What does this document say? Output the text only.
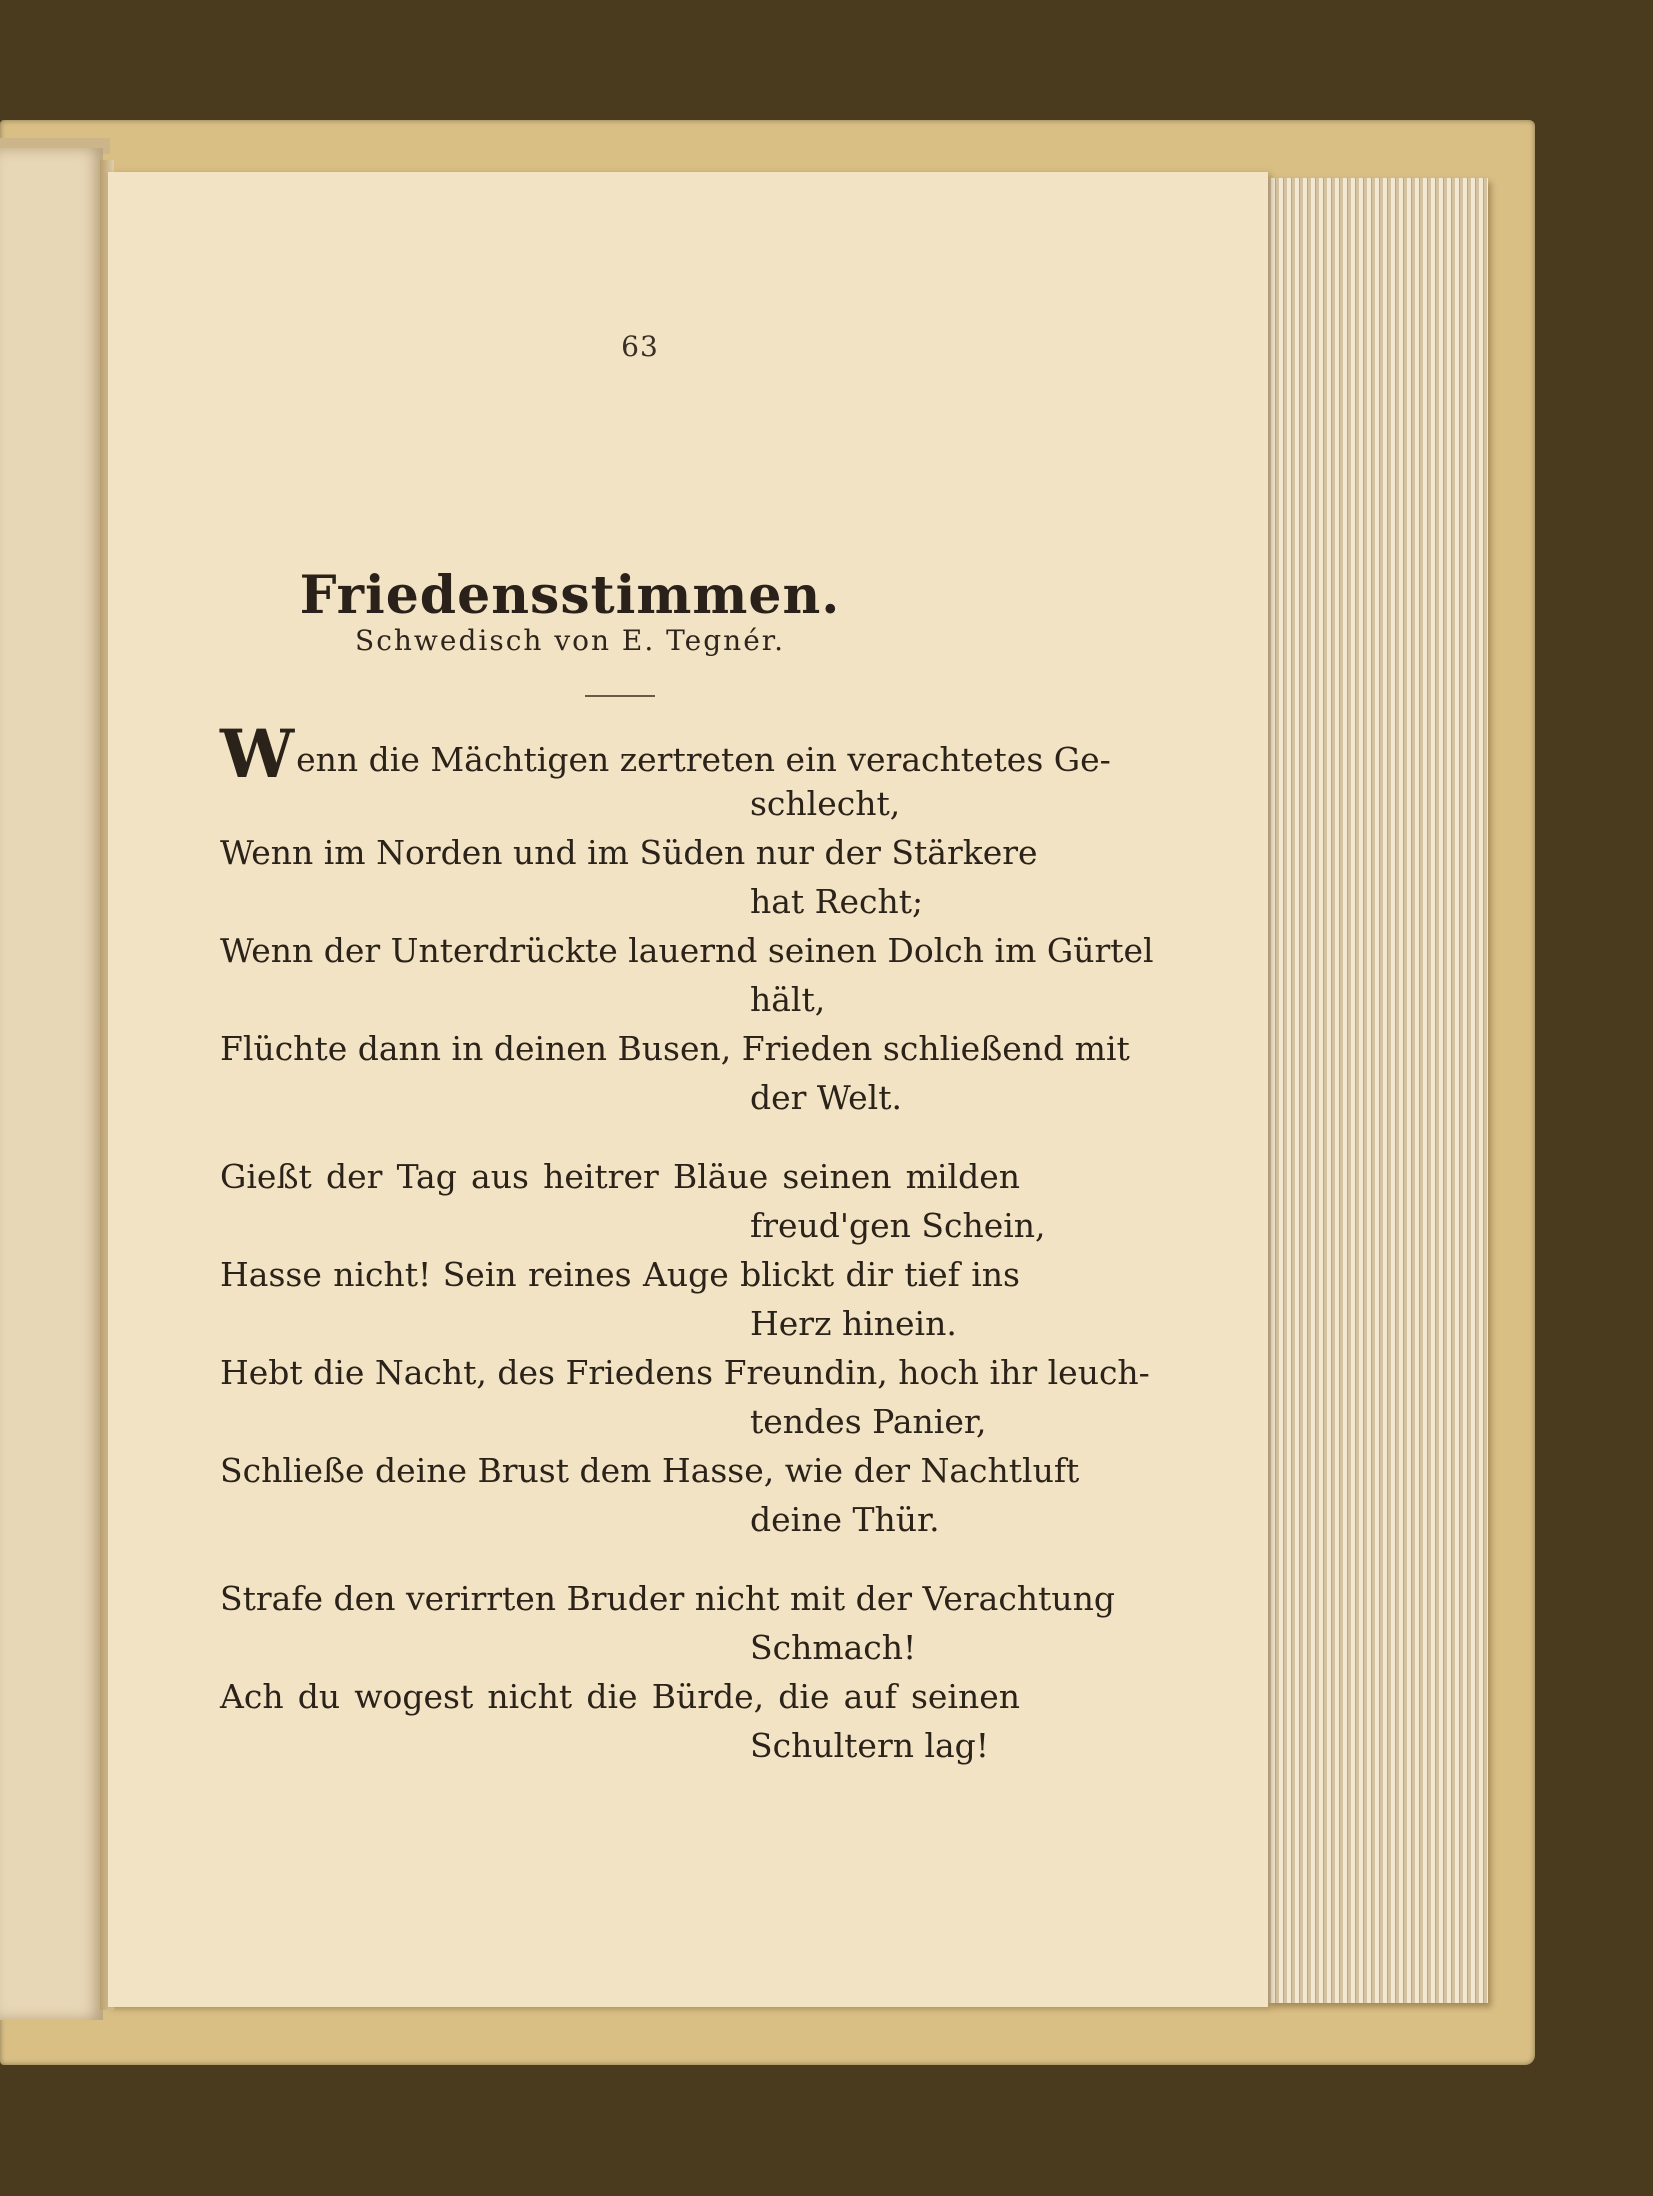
63
Friedensstimmen.
Schwedisch von E. Tegnér.
Wenn die Mächtigen zertreten ein verachtetes Ge-
schlecht,
Wenn im Norden und im Süden nur der Stärkere
hat Recht;
Wenn der Unterdrückte lauernd seinen Dolch im Gürtel
hält,
Flüchte dann in deinen Busen, Frieden schließend mit
der Welt.
Gießt der Tag aus heitrer Bläue seinen milden
freud'gen Schein,
Hasse nicht! Sein reines Auge blickt dir tief ins
Herz hinein.
Hebt die Nacht, des Friedens Freundin, hoch ihr leuch-
tendes Panier,
Schließe deine Brust dem Hasse, wie der Nachtluft
deine Thür.
Strafe den verirrten Bruder nicht mit der Verachtung
Schmach!
Ach du wogest nicht die Bürde, die auf seinen
Schultern lag!
